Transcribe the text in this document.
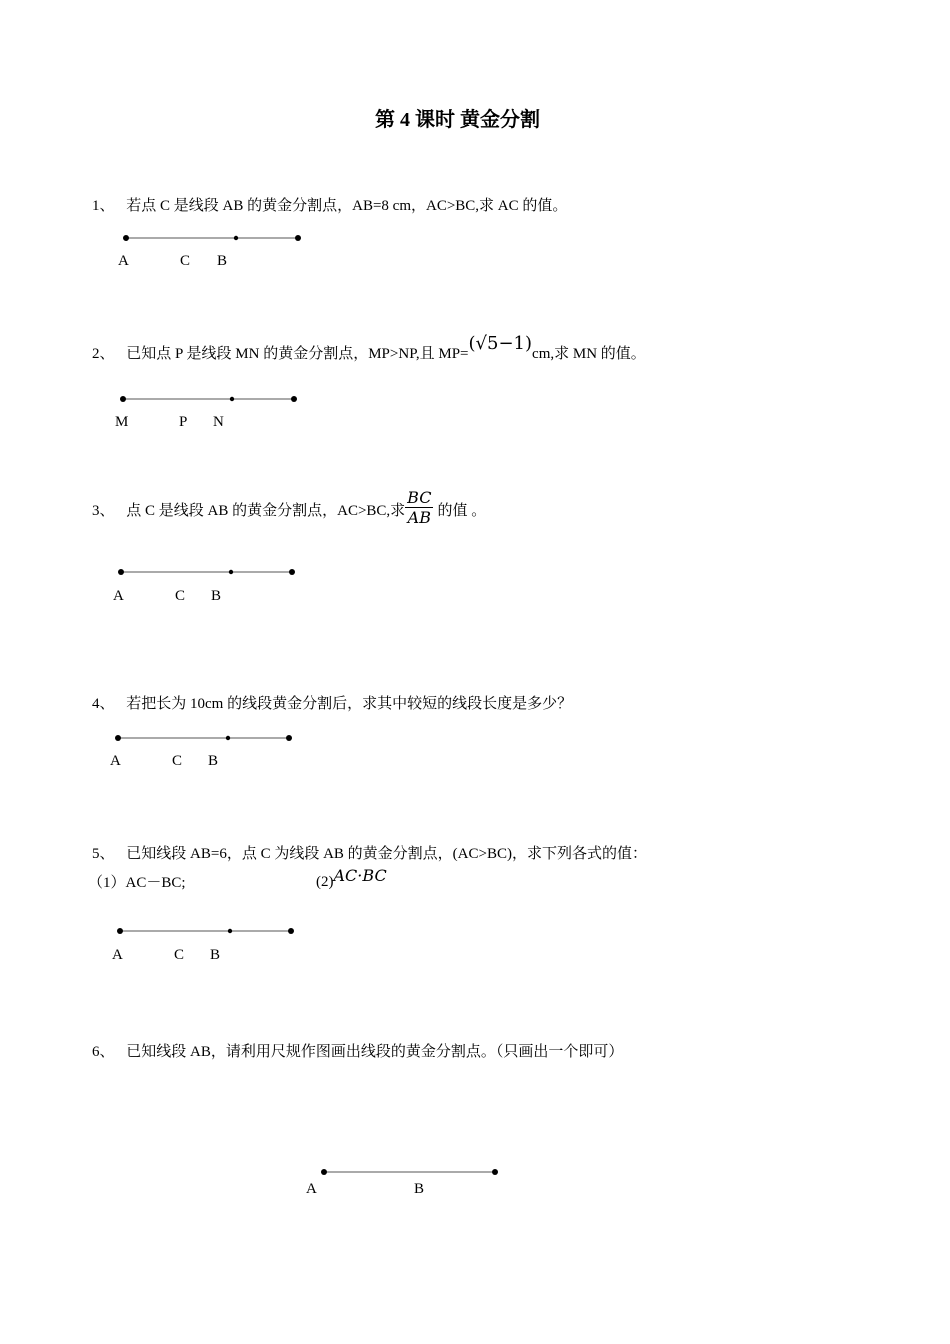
第 4 课时 黄金分割
1、 若点 C 是线段 AB 的黄金分割点，AB=8 cm，AC>BC,求 AC 的值。
A	C B
2、 已知点 P 是线段 MN 的黄金分割点，MP>NP,且 MP=(√5−1)cm,求 MN 的值。
M	P N
3、 点 C 是线段 AB 的黄金分割点，AC>BC,求 $\frac{BC}{AB}$ 的值 。
A	C B
4、 若把长为 10cm 的线段黄金分割后，求其中较短的线段长度是多少？
A	C B
5、 已知线段 AB=6，点 C 为线段 AB 的黄金分割点，(AC>BC)，求下列各式的值：
（1）AC－BC;	(2)AC·BC
A	C B
6、 已知线段 AB，请利用尺规作图画出线段的黄金分割点。（只画出一个即可）
A	B
